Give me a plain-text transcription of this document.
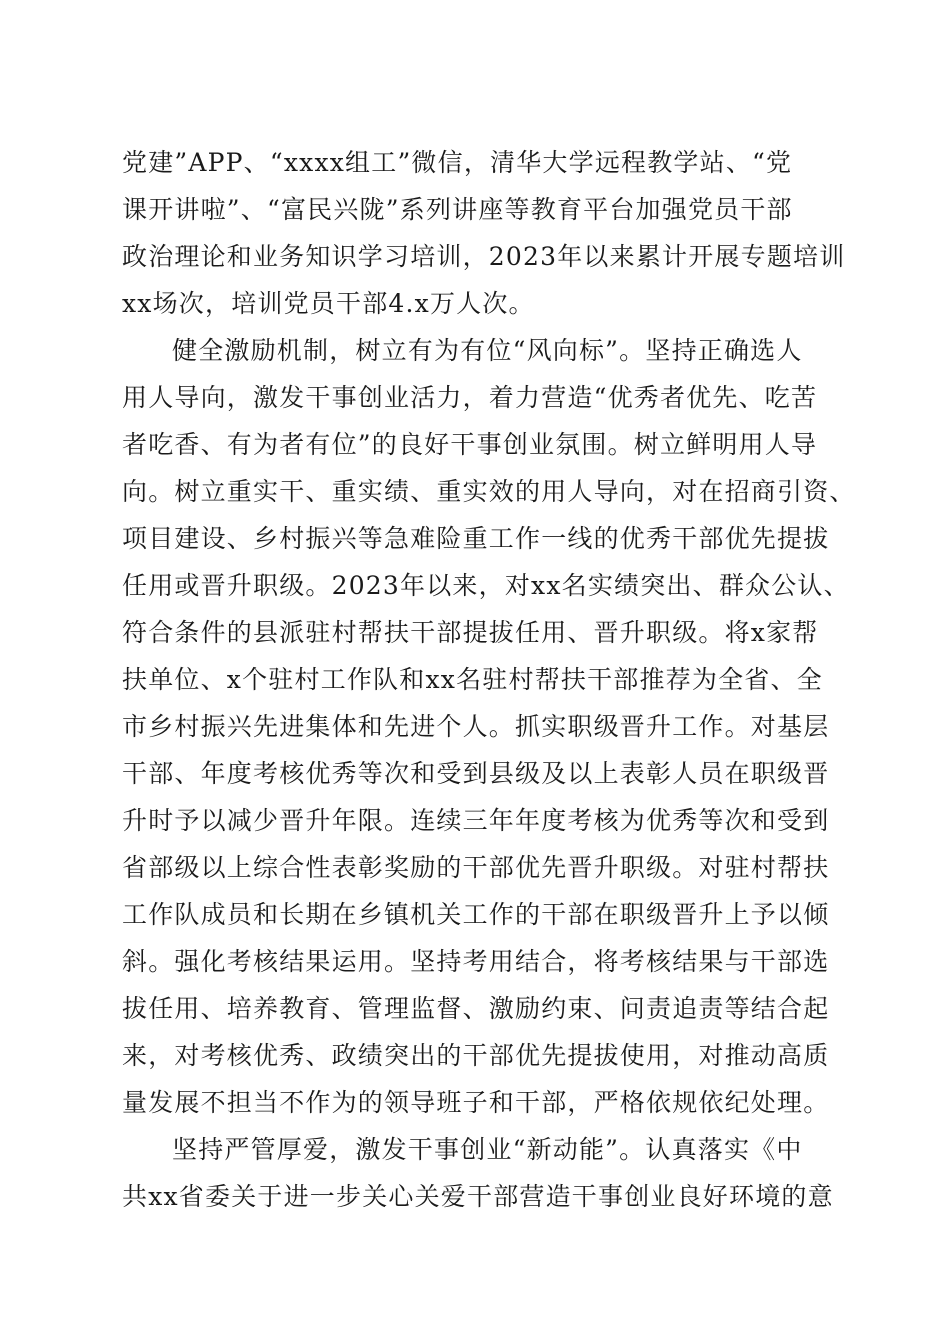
党建”APP、“xxxx组工”微信，清华大学远程教学站、“党
课开讲啦”、“富民兴陇”系列讲座等教育平台加强党员干部
政治理论和业务知识学习培训，2023年以来累计开展专题培训
xx场次，培训党员干部4.x万人次。
健全激励机制，树立有为有位“风向标”。坚持正确选人
用人导向，激发干事创业活力，着力营造“优秀者优先、吃苦
者吃香、有为者有位”的良好干事创业氛围。树立鲜明用人导
向。树立重实干、重实绩、重实效的用人导向，对在招商引资、
项目建设、乡村振兴等急难险重工作一线的优秀干部优先提拔
任用或晋升职级。2023年以来，对xx名实绩突出、群众公认、
符合条件的县派驻村帮扶干部提拔任用、晋升职级。将x家帮
扶单位、x个驻村工作队和xx名驻村帮扶干部推荐为全省、全
市乡村振兴先进集体和先进个人。抓实职级晋升工作。对基层
干部、年度考核优秀等次和受到县级及以上表彰人员在职级晋
升时予以减少晋升年限。连续三年年度考核为优秀等次和受到
省部级以上综合性表彰奖励的干部优先晋升职级。对驻村帮扶
工作队成员和长期在乡镇机关工作的干部在职级晋升上予以倾
斜。强化考核结果运用。坚持考用结合，将考核结果与干部选
拔任用、培养教育、管理监督、激励约束、问责追责等结合起
来，对考核优秀、政绩突出的干部优先提拔使用，对推动高质
量发展不担当不作为的领导班子和干部，严格依规依纪处理。
坚持严管厚爱，激发干事创业“新动能”。认真落实《中
共xx省委关于进一步关心关爱干部营造干事创业良好环境的意
